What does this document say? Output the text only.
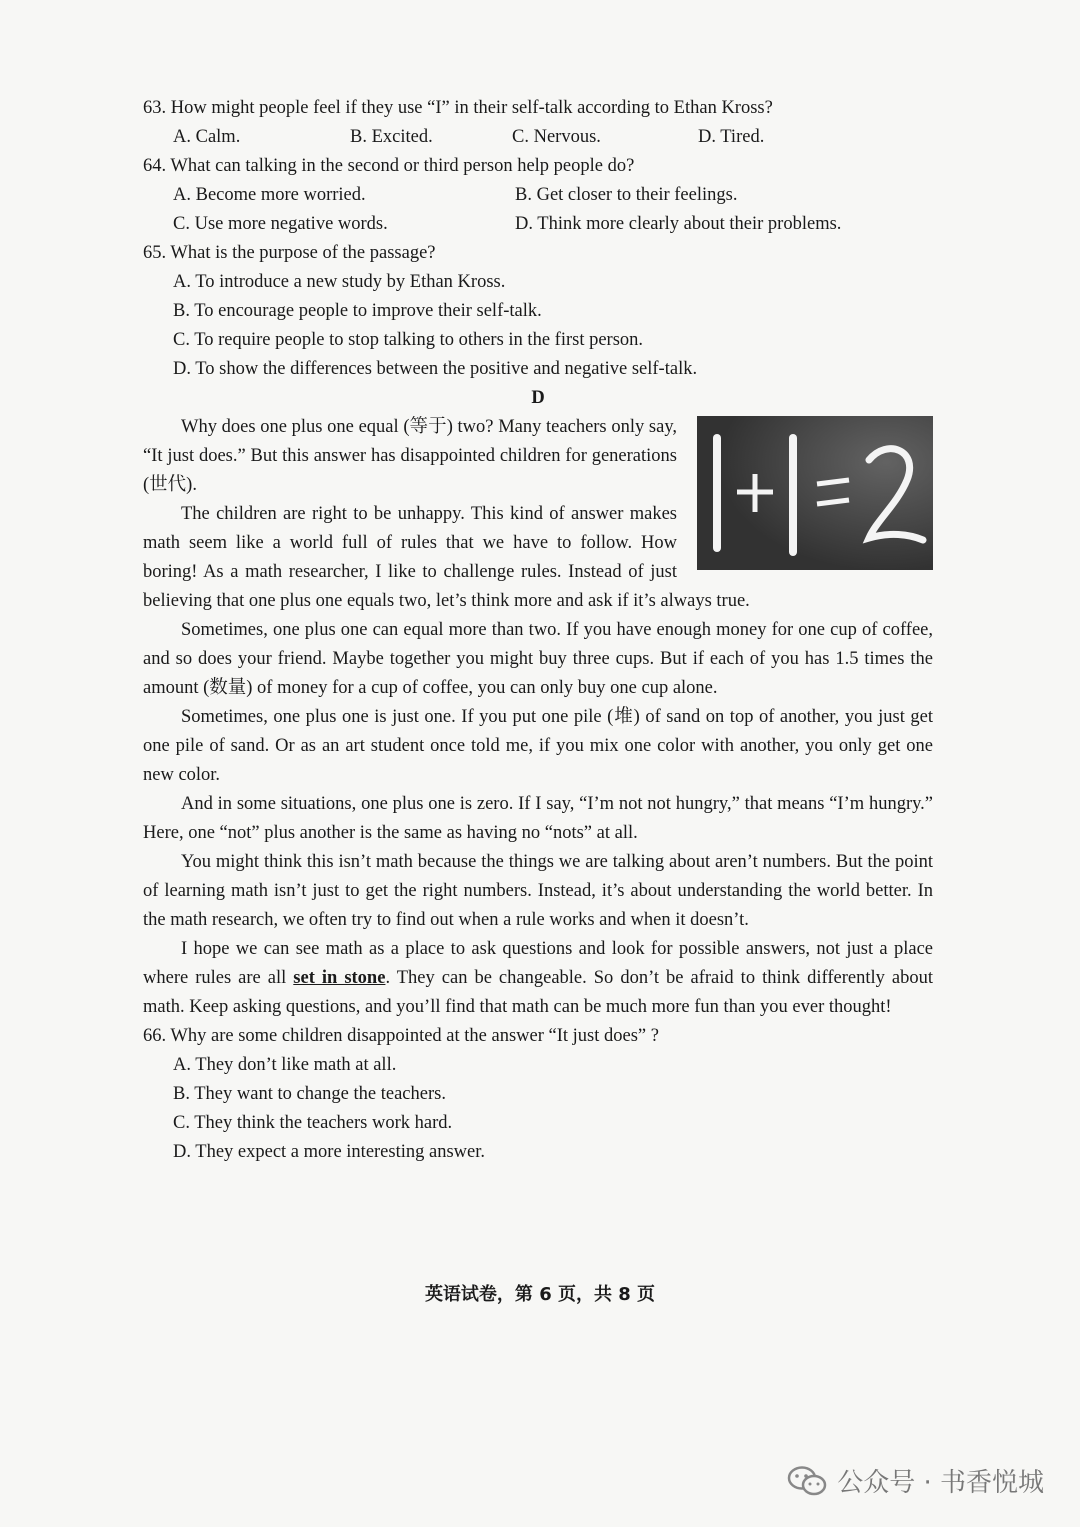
63. How might people feel if they use “I” in their self-talk according to Ethan Kross?
A. Calm.	B. Excited.	C. Nervous.	D. Tired.
64. What can talking in the second or third person help people do?
A. Become more worried.	B. Get closer to their feelings.
C. Use more negative words.	D. Think more clearly about their problems.
65. What is the purpose of the passage?
A. To introduce a new study by Ethan Kross.
B. To encourage people to improve their self-talk.
C. To require people to stop talking to others in the first person.
D. To show the differences between the positive and negative self-talk.
D

Why does one plus one equal (等于) two? Many teachers only say, “It just does.” But this answer has disappointed children for generations (世代).

The children are right to be unhappy. This kind of answer makes math seem like a world full of rules that we have to follow. How boring! As a math researcher, I like to challenge rules. Instead of just believing that one plus one equals two, let’s think more and ask if it’s always true.

Sometimes, one plus one can equal more than two. If you have enough money for one cup of coffee, and so does your friend. Maybe together you might buy three cups. But if each of you has 1.5 times the amount (数量) of money for a cup of coffee, you can only buy one cup alone.

Sometimes, one plus one is just one. If you put one pile (堆) of sand on top of another, you just get one pile of sand. Or as an art student once told me, if you mix one color with another, you only get one new color.

And in some situations, one plus one is zero. If I say, “I’m not not hungry,” that means “I’m hungry.” Here, one “not” plus another is the same as having no “nots” at all.

You might think this isn’t math because the things we are talking about aren’t numbers. But the point of learning math isn’t just to get the right numbers. Instead, it’s about understanding the world better. In the math research, we often try to find out when a rule works and when it doesn’t.

I hope we can see math as a place to ask questions and look for possible answers, not just a place where rules are all set in stone. They can be changeable. So don’t be afraid to think differently about math. Keep asking questions, and you’ll find that math can be much more fun than you ever thought!

66. Why are some children disappointed at the answer “It just does” ?
A. They don’t like math at all.
B. They want to change the teachers.
C. They think the teachers work hard.
D. They expect a more interesting answer.
英语试卷，第 6 页，共 8 页
公众号 · 书香悦城
